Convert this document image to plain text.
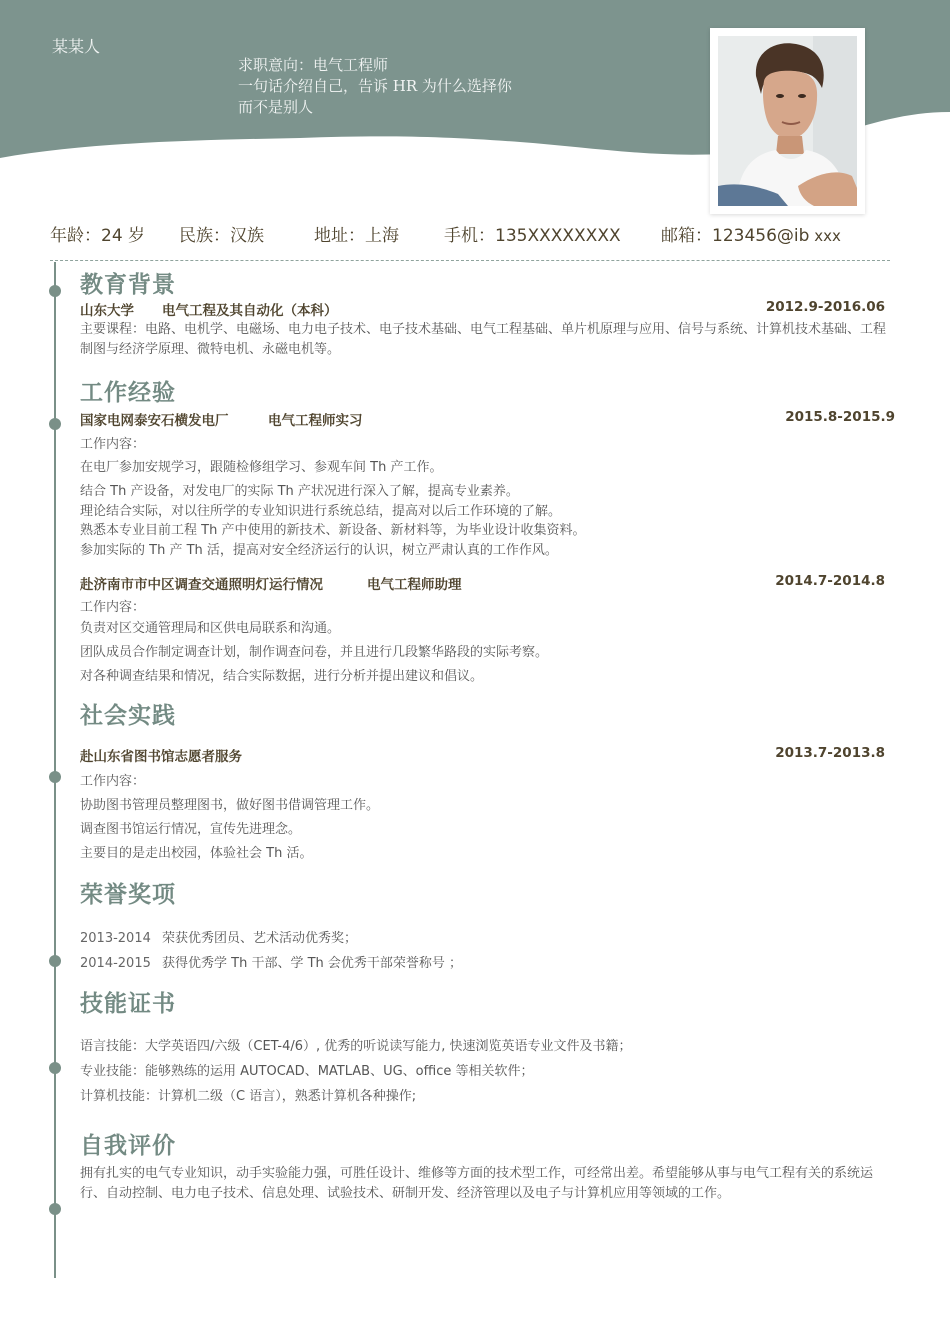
某某人
求职意向：电气工程师
一句话介绍自己，告诉 HR 为什么选择你
而不是别人
年龄：24 岁 民族：汉族	地址：上海	手机：135XXXXXXXX 邮箱：123456@ib xxx
教育背景
山东大学 电气工程及其自动化（本科）	2012.9-2016.06
主要课程：电路、电机学、电磁场、电力电子技术、电子技术基础、电气工程基础、单片机原理与应用、信号与系统、计算机技术基础、工程制图与经济学原理、微特电机、永磁电机等。
工作经验
国家电网泰安石横发电厂	电气工程师实习	2015.8-2015.9
工作内容：
在电厂参加安规学习，跟随检修组学习、参观车间 Th 产工作。
结合 Th 产设备，对发电厂的实际 Th 产状况进行深入了解，提高专业素养。
理论结合实际，对以往所学的专业知识进行系统总结，提高对以后工作环境的了解。
熟悉本专业目前工程 Th 产中使用的新技术、新设备、新材料等，为毕业设计收集资料。
参加实际的 Th 产 Th 活，提高对安全经济运行的认识，树立严肃认真的工作作风。
赴济南市市中区调查交通照明灯运行情况	电气工程师助理	2014.7-2014.8
工作内容：
负责对区交通管理局和区供电局联系和沟通。
团队成员合作制定调查计划，制作调查问卷，并且进行几段繁华路段的实际考察。
对各种调查结果和情况，结合实际数据，进行分析并提出建议和倡议。
社会实践
赴山东省图书馆志愿者服务	2013.7-2013.8
工作内容：
协助图书管理员整理图书，做好图书借调管理工作。
调查图书馆运行情况，宣传先进理念。
主要目的是走出校园，体验社会 Th 活。
荣誉奖项
2013-2014 荣获优秀团员、艺术活动优秀奖；
2014-2015 获得优秀学 Th 干部、学 Th 会优秀干部荣誉称号 ；
技能证书
语言技能：大学英语四/六级（CET-4/6）, 优秀的听说读写能力, 快速浏览英语专业文件及书籍；
专业技能：能够熟练的运用 AUTOCAD、MATLAB、UG、office 等相关软件；
计算机技能：计算机二级（C 语言），熟悉计算机各种操作;
自我评价
拥有扎实的电气专业知识，动手实验能力强，可胜任设计、维修等方面的技术型工作，可经常出差。希望能够从事与电气工程有关的系统运行、自动控制、电力电子技术、信息处理、试验技术、研制开发、经济管理以及电子与计算机应用等领域的工作。
